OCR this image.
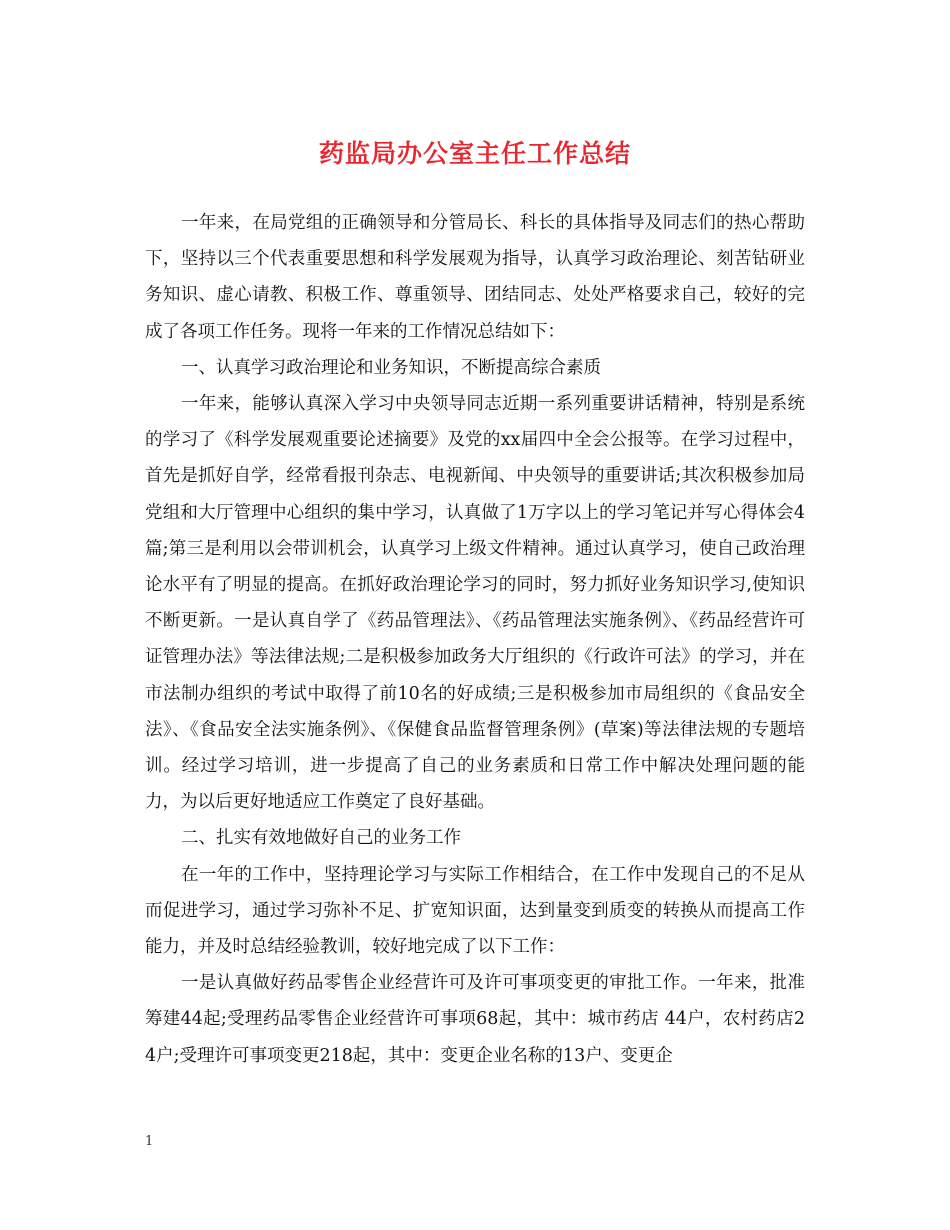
药监局办公室主任工作总结

一年来，在局党组的正确领导和分管局长、科长的具体指导及同志们的热心帮助下，坚持以三个代表重要思想和科学发展观为指导，认真学习政治理论、刻苦钻研业务知识、虚心请教、积极工作、尊重领导、团结同志、处处严格要求自己，较好的完成了各项工作任务。现将一年来的工作情况总结如下：

一、认真学习政治理论和业务知识，不断提高综合素质

一年来，能够认真深入学习中央领导同志近期一系列重要讲话精神，特别是系统的学习了《科学发展观重要论述摘要》及党的xx届四中全会公报等。在学习过程中，首先是抓好自学，经常看报刊杂志、电视新闻、中央领导的重要讲话;其次积极参加局党组和大厅管理中心组织的集中学习，认真做了1万字以上的学习笔记并写心得体会4 篇;第三是利用以会带训机会，认真学习上级文件精神。通过认真学习，使自己政治理论水平有了明显的提高。在抓好政治理论学习的同时，努力抓好业务知识学习,使知识不断更新。一是认真自学了《药品管理法》、《药品管理法实施条例》、《药品经营许可证管理办法》等法律法规;二是积极参加政务大厅组织的《行政许可法》的学习，并在市法制办组织的考试中取得了前10名的好成绩;三是积极参加市局组织的《食品安全法》、《食品安全法实施条例》、《保健食品监督管理条例》(草案)等法律法规的专题培训。经过学习培训，进一步提高了自己的业务素质和日常工作中解决处理问题的能力，为以后更好地适应工作奠定了良好基础。

二、扎实有效地做好自己的业务工作

在一年的工作中，坚持理论学习与实际工作相结合，在工作中发现自己的不足从而促进学习，通过学习弥补不足、扩宽知识面，达到量变到质变的转换从而提高工作能力，并及时总结经验教训，较好地完成了以下工作：

一是认真做好药品零售企业经营许可及许可事项变更的审批工作。一年来，批准筹建44起;受理药品零售企业经营许可事项68起，其中：城市药店 44户，农村药店24户;受理许可事项变更218起，其中：变更企业名称的13户、变更企

1
